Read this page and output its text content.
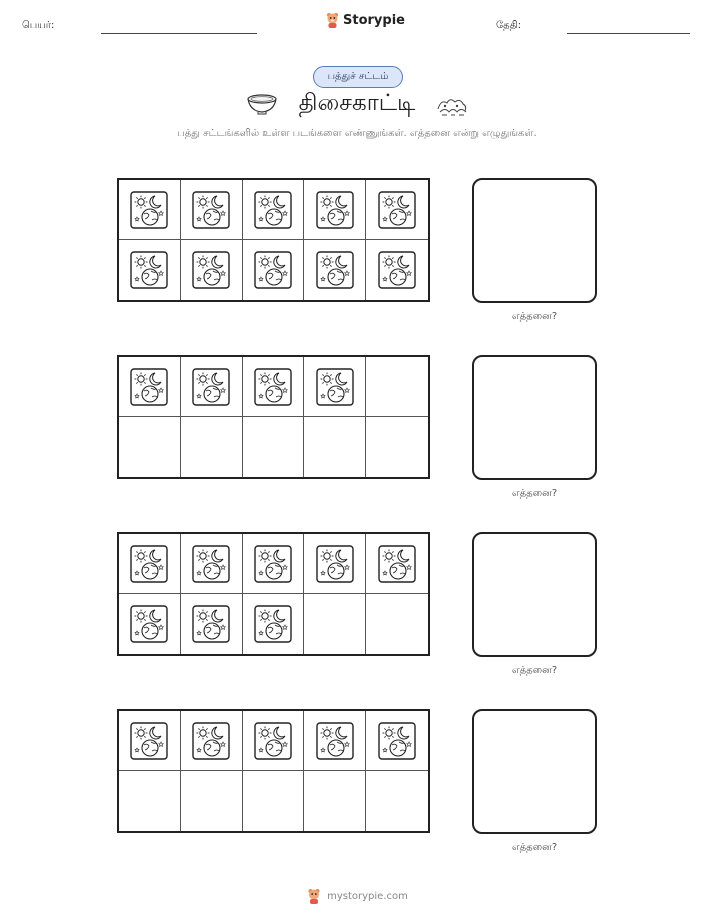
பெயர்:	Storypie	தேதி:
பத்துச் சட்டம்
திசைகாட்டி
பத்து சட்டங்களில் உள்ள படங்களை எண்ணுங்கள். எத்தனை என்று எழுதுங்கள்.
எத்தனை?
எத்தனை?
எத்தனை?
எத்தனை?
mystorypie.com
